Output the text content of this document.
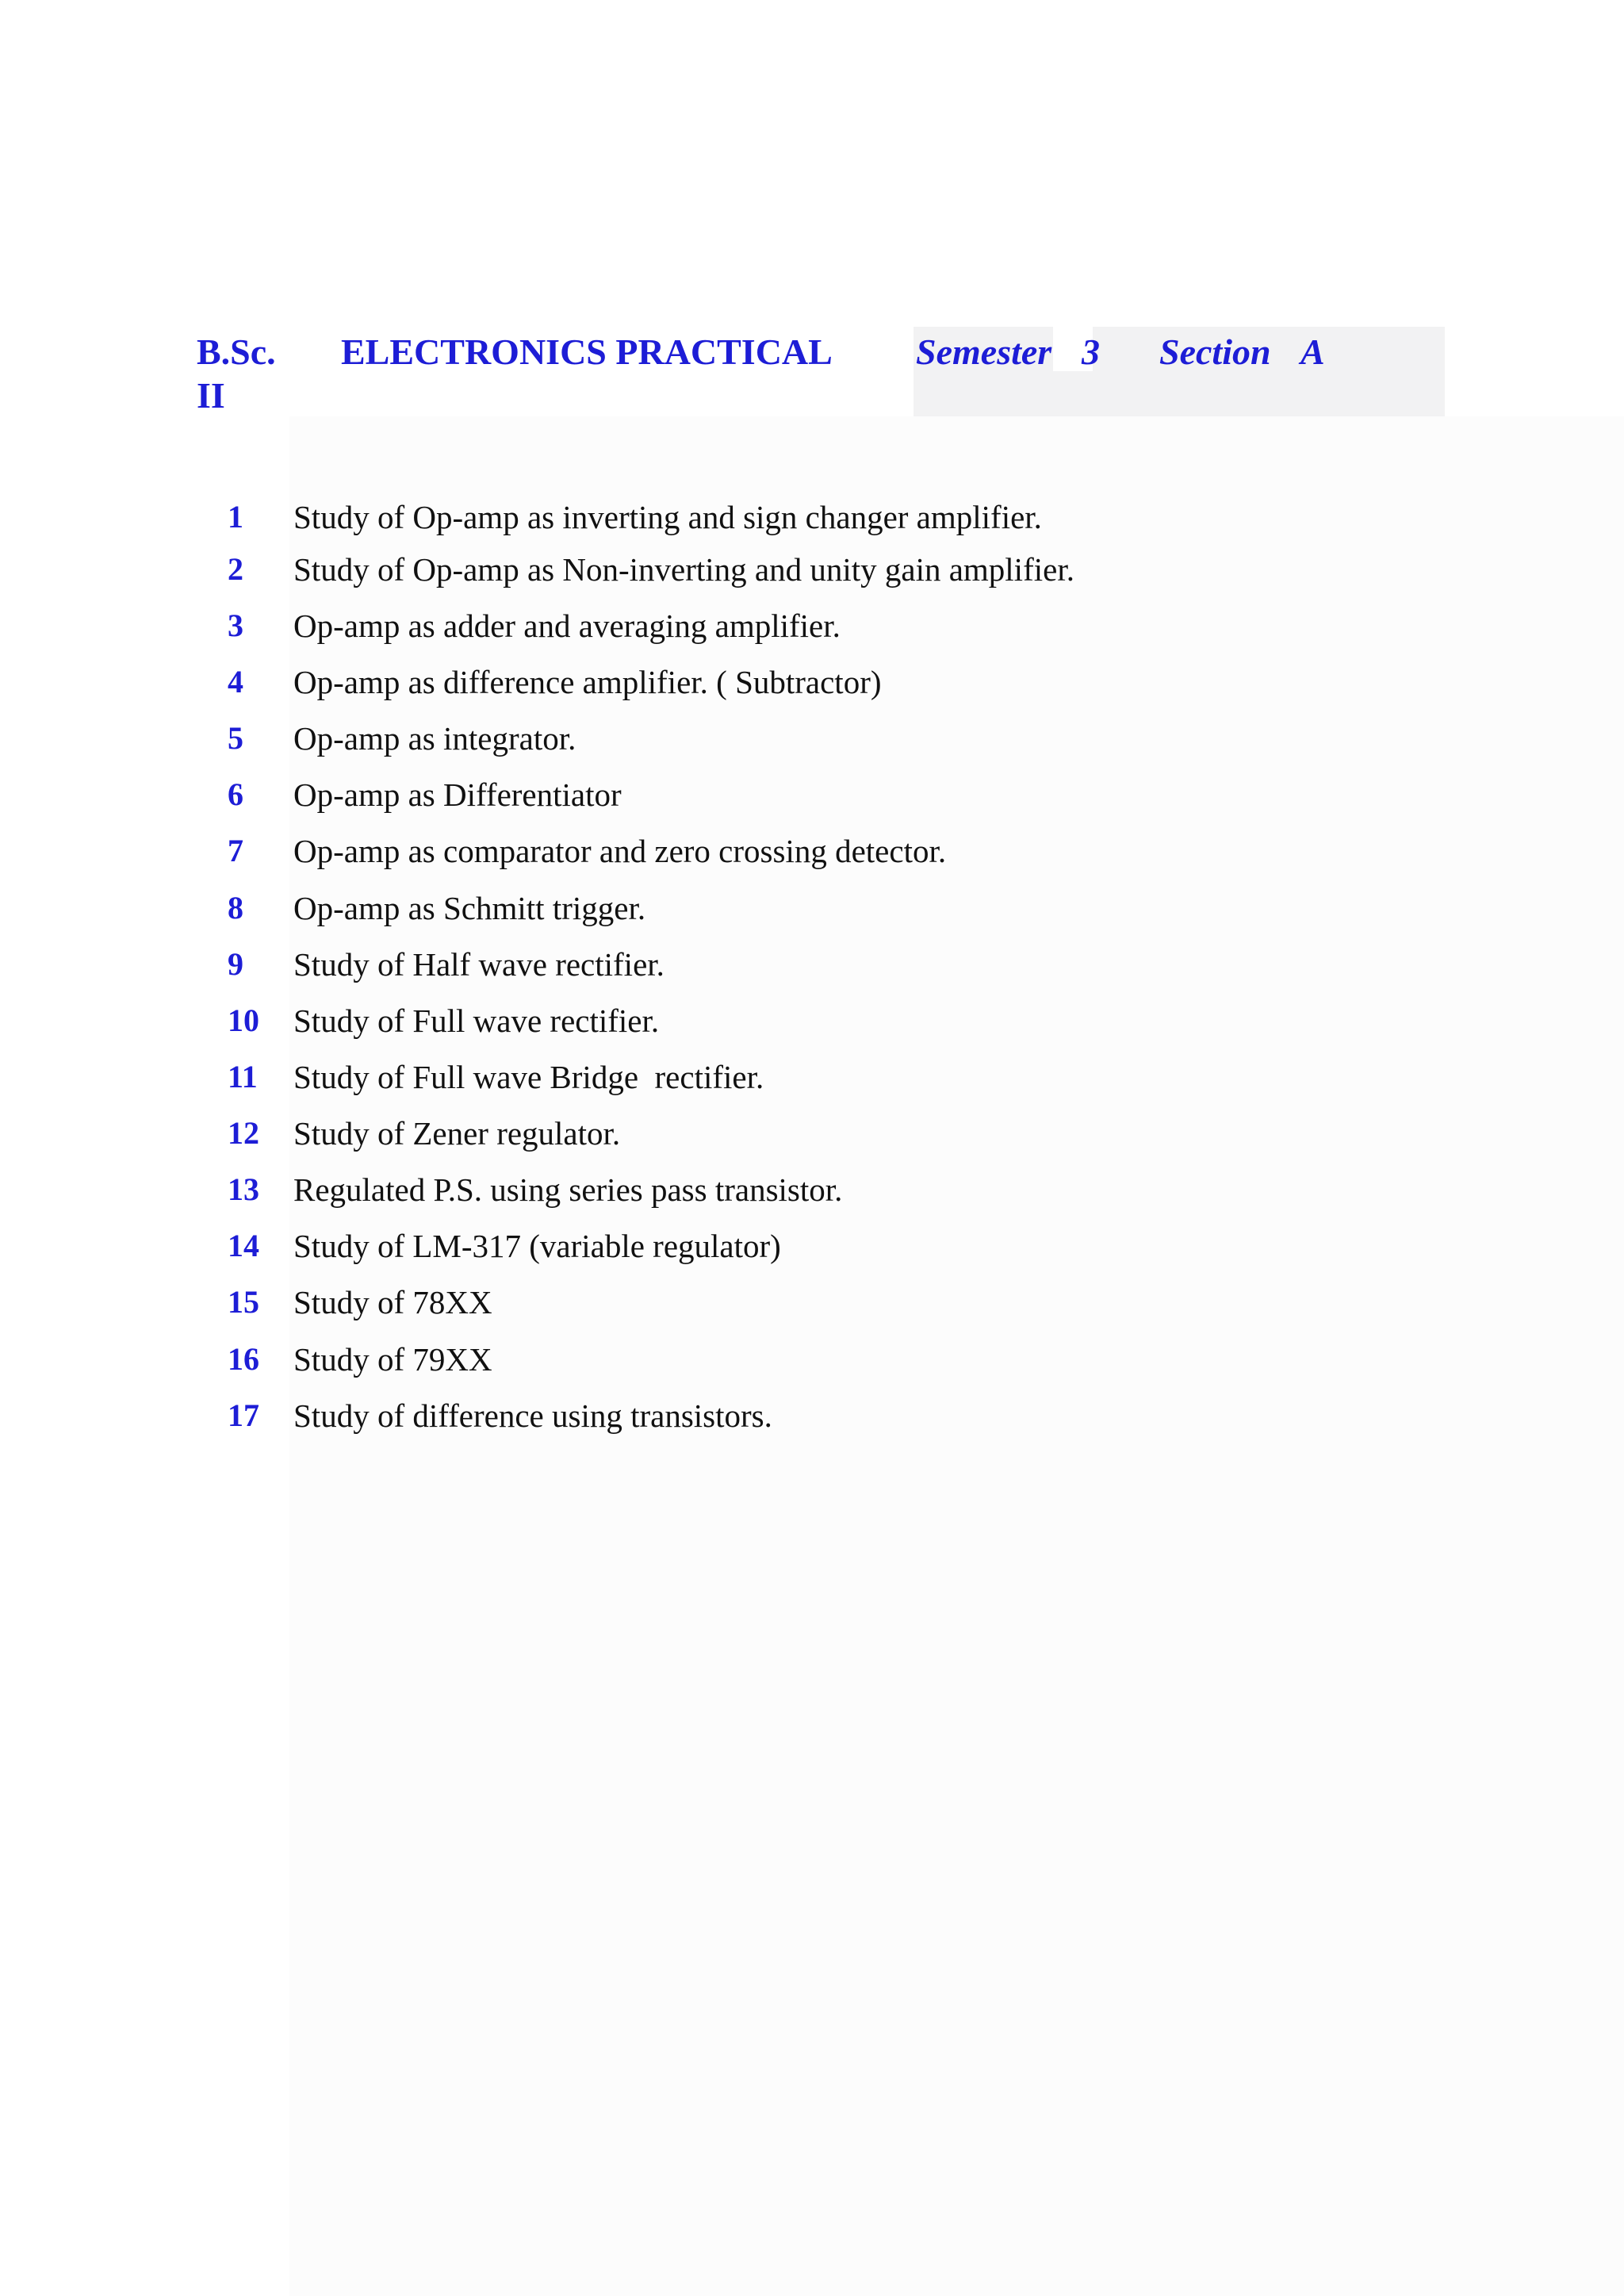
B.Sc.
II
ELECTRONICS PRACTICAL Semester 3 Section A
1 Study of Op-amp as inverting and sign changer amplifier.
2 Study of Op-amp as Non-inverting and unity gain amplifier.
3 Op-amp as adder and averaging amplifier.
4 Op-amp as difference amplifier. ( Subtractor)
5 Op-amp as integrator.
6 Op-amp as Differentiator
7 Op-amp as comparator and zero crossing detector.
8 Op-amp as Schmitt trigger.
9 Study of Half wave rectifier.
10 Study of Full wave rectifier.
11 Study of Full wave Bridge  rectifier.
12 Study of Zener regulator.
13 Regulated P.S. using series pass transistor.
14 Study of LM-317 (variable regulator)
15 Study of 78XX
16 Study of 79XX
17 Study of difference using transistors.
